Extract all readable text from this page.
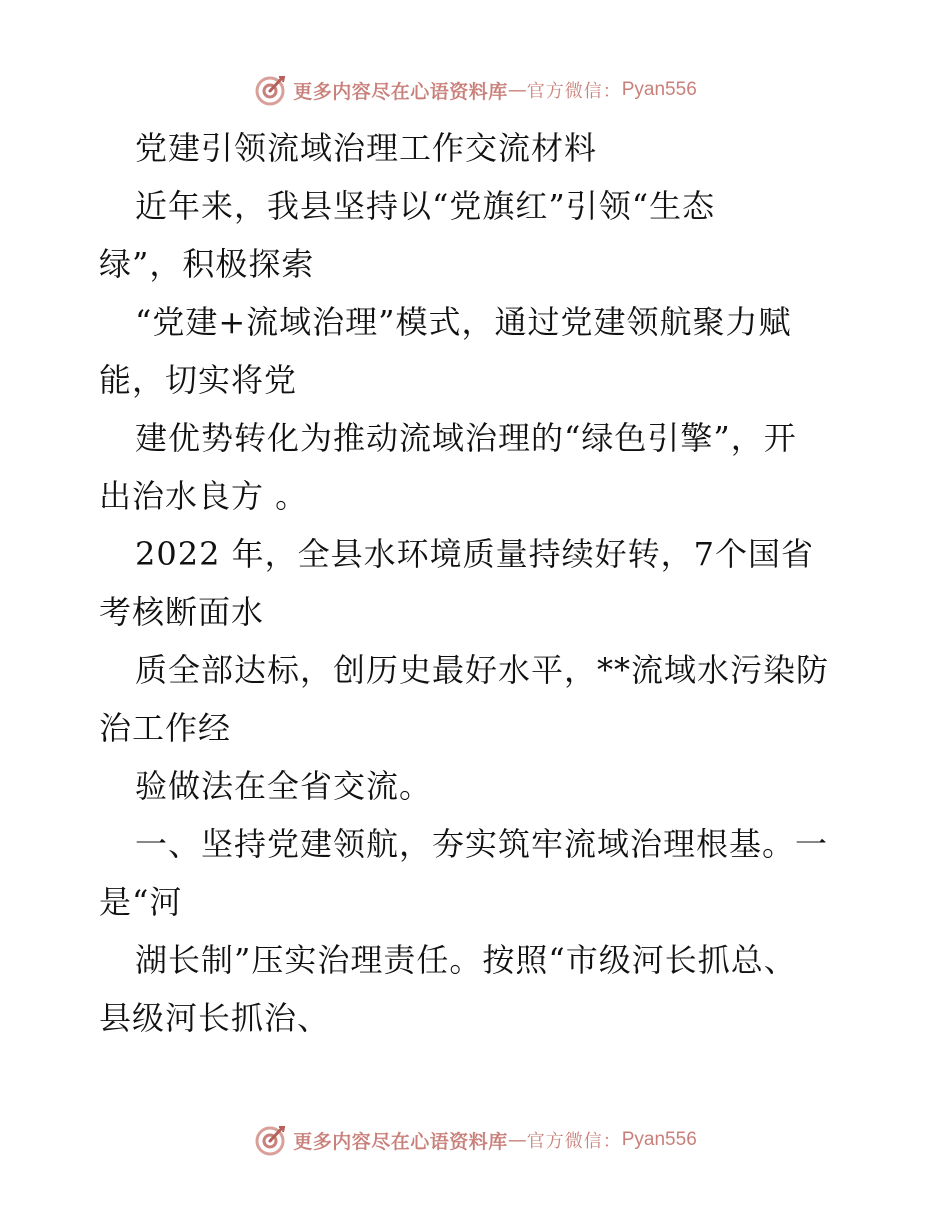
更多内容尽在心语资料库 — 官方微信： Pyan556
党建引领流域治理工作交流材料
近年来，我县坚持以“党旗红”引领“生态
绿”，积极探索
“党建+流域治理”模式，通过党建领航聚力赋
能，切实将党
建优势转化为推动流域治理的“绿色引擎”，开
出治水良方 。
2022 年，全县水环境质量持续好转，7个国省
考核断面水
质全部达标，创历史最好水平，**流域水污染防
治工作经
验做法在全省交流。
一、坚持党建领航，夯实筑牢流域治理根基。一
是“河
湖长制”压实治理责任。按照“市级河长抓总、
县级河长抓治、
更多内容尽在心语资料库 — 官方微信： Pyan556
